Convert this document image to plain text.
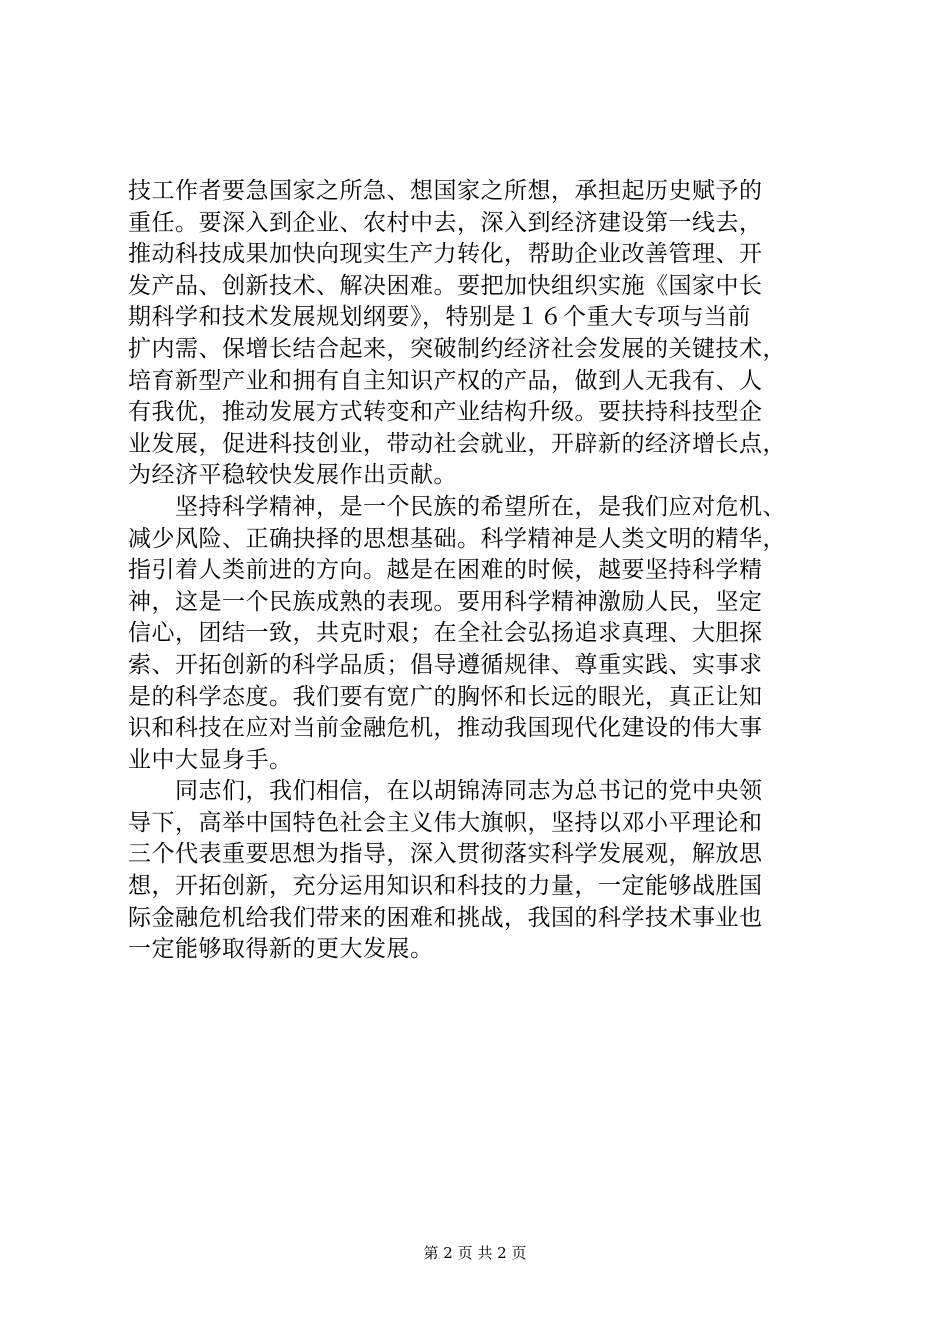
技工作者要急国家之所急、想国家之所想，承担起历史赋予的
重任。要深入到企业、农村中去，深入到经济建设第一线去，
推动科技成果加快向现实生产力转化，帮助企业改善管理、开
发产品、创新技术、解决困难。要把加快组织实施《国家中长
期科学和技术发展规划纲要》，特别是１６个重大专项与当前
扩内需、保增长结合起来，突破制约经济社会发展的关键技术，
培育新型产业和拥有自主知识产权的产品，做到人无我有、人
有我优，推动发展方式转变和产业结构升级。要扶持科技型企
业发展，促进科技创业，带动社会就业，开辟新的经济增长点，
为经济平稳较快发展作出贡献。
　　坚持科学精神，是一个民族的希望所在，是我们应对危机、
减少风险、正确抉择的思想基础。科学精神是人类文明的精华，
指引着人类前进的方向。越是在困难的时候，越要坚持科学精
神，这是一个民族成熟的表现。要用科学精神激励人民，坚定
信心，团结一致，共克时艰；在全社会弘扬追求真理、大胆探
索、开拓创新的科学品质；倡导遵循规律、尊重实践、实事求
是的科学态度。我们要有宽广的胸怀和长远的眼光，真正让知
识和科技在应对当前金融危机，推动我国现代化建设的伟大事
业中大显身手。
　　同志们，我们相信，在以胡锦涛同志为总书记的党中央领
导下，高举中国特色社会主义伟大旗帜，坚持以邓小平理论和
三个代表重要思想为指导，深入贯彻落实科学发展观，解放思
想，开拓创新，充分运用知识和科技的力量，一定能够战胜国
际金融危机给我们带来的困难和挑战，我国的科学技术事业也
一定能够取得新的更大发展。
第 2 页 共 2 页
